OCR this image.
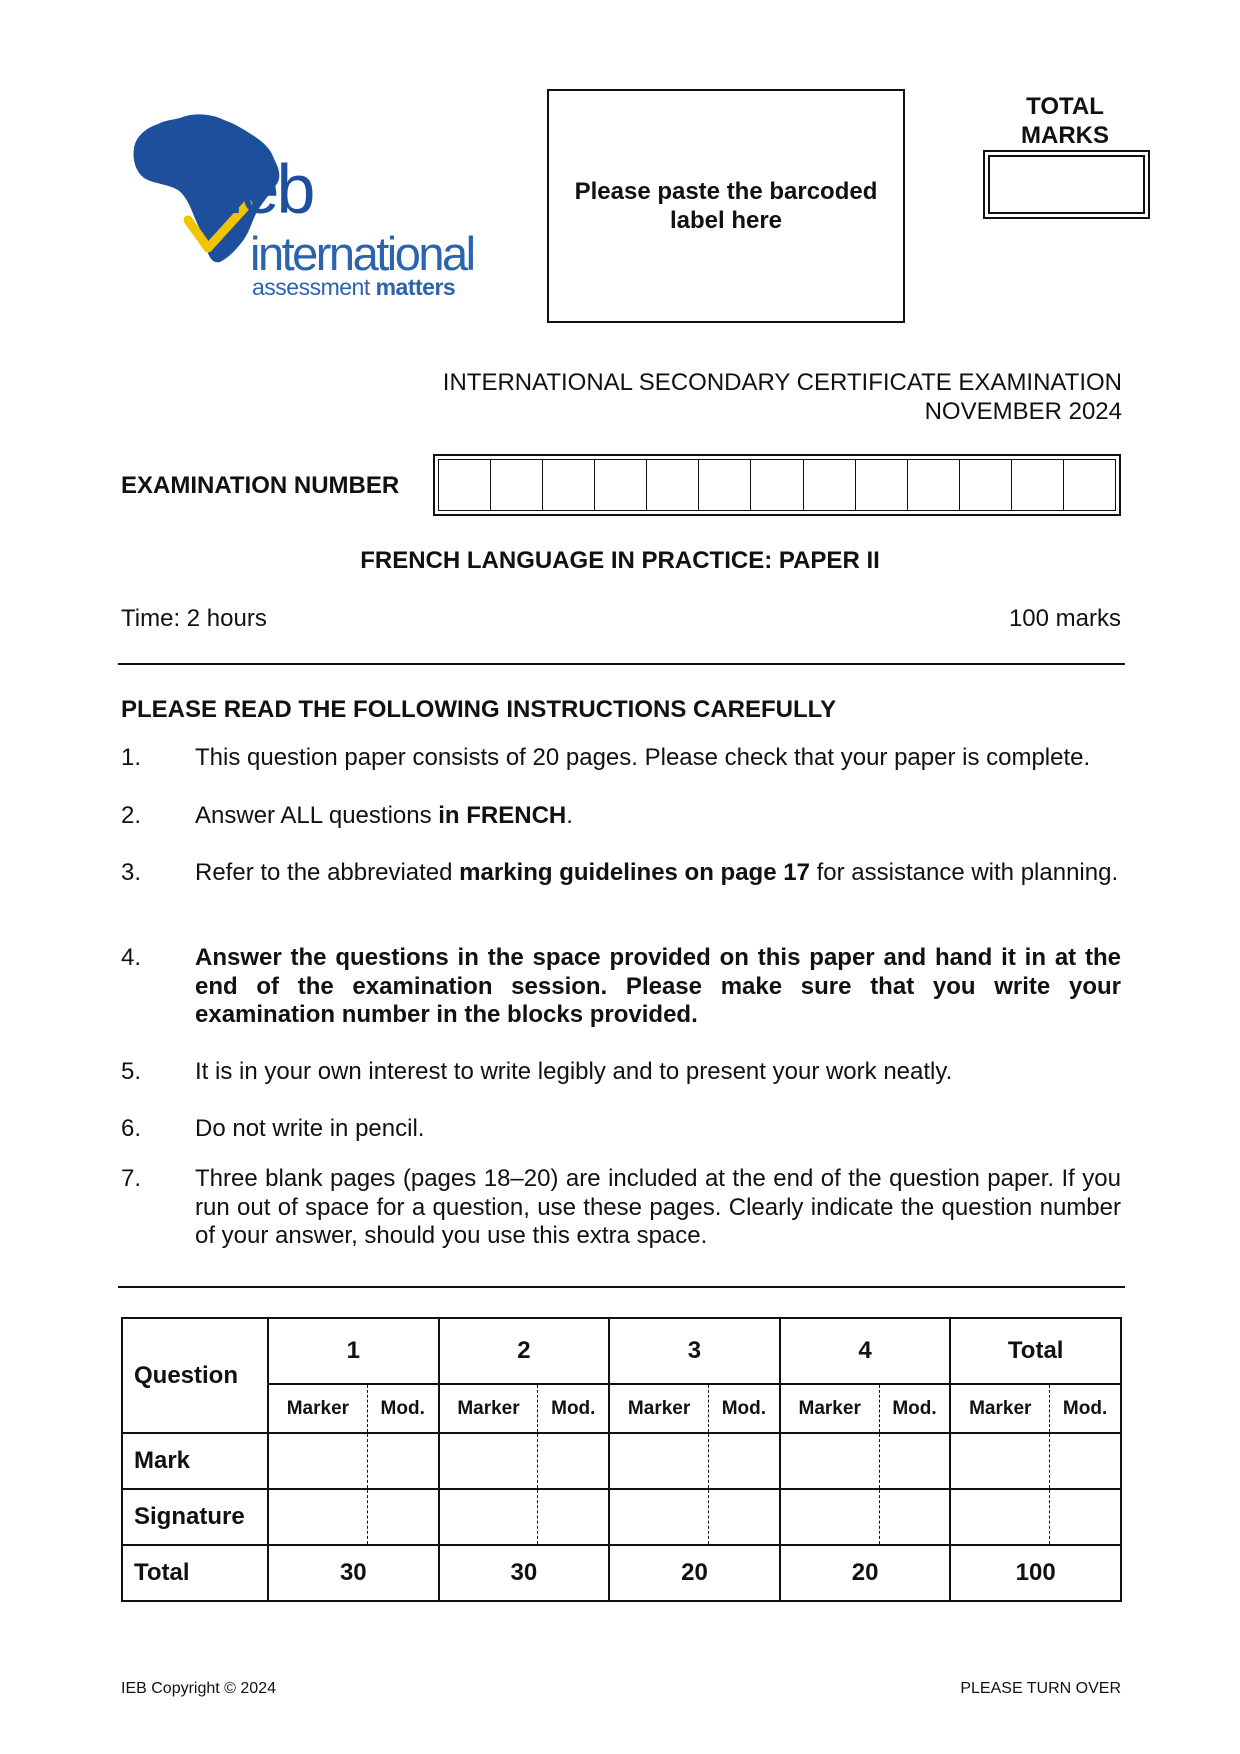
ieb
international
assessment matters
Please paste the barcoded label here
TOTAL
MARKS
INTERNATIONAL SECONDARY CERTIFICATE EXAMINATION
NOVEMBER 2024
EXAMINATION NUMBER
FRENCH LANGUAGE IN PRACTICE: PAPER II
Time: 2 hours	100 marks
PLEASE READ THE FOLLOWING INSTRUCTIONS CAREFULLY
1. This question paper consists of 20 pages. Please check that your paper is complete.
2. Answer ALL questions in FRENCH.
3. Refer to the abbreviated marking guidelines on page 17 for assistance with planning.
4. Answer the questions in the space provided on this paper and hand it in at the end of the examination session. Please make sure that you write your examination number in the blocks provided.
5. It is in your own interest to write legibly and to present your work neatly.
6. Do not write in pencil.
7. Three blank pages (pages 18–20) are included at the end of the question paper. If you run out of space for a question, use these pages. Clearly indicate the question number of your answer, should you use this extra space.
Question	1		2		3		4		Total	
	Marker	Mod.	Marker	Mod.	Marker	Mod.	Marker	Mod.	Marker	Mod.
Mark										
Signature										
Total	30		30		20		20		100	
IEB Copyright © 2024	PLEASE TURN OVER
